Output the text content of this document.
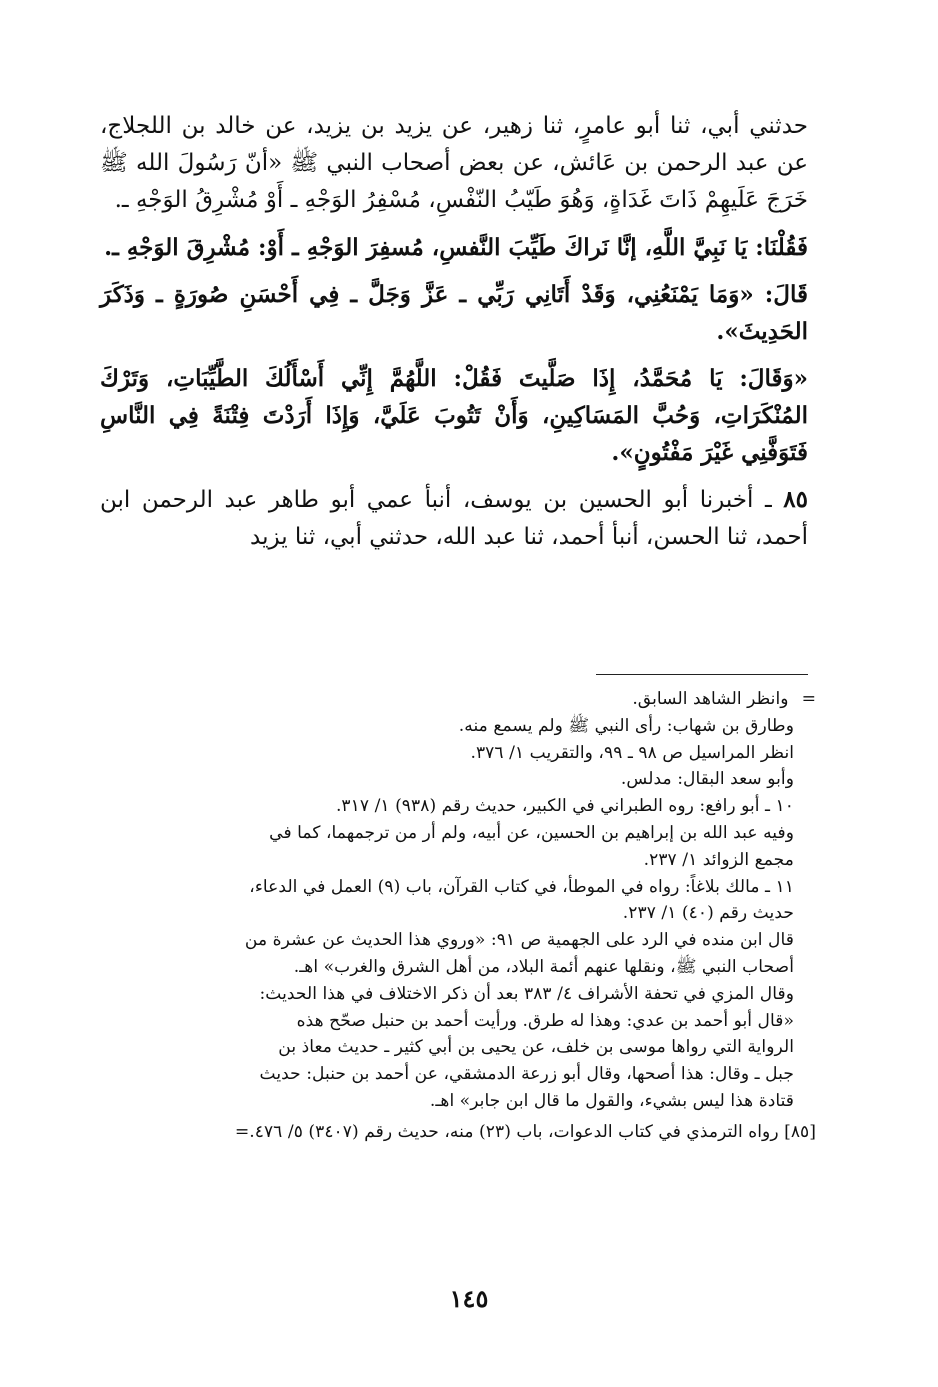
حدثني أبي، ثنا أبو عامرٍ، ثنا زهير، عن يزيد بن يزيد، عن خالد بن اللجلاج، عن عبد الرحمن بن عَائش، عن بعض أصحاب النبي ﷺ «أنّ رَسُولَ الله ﷺ خَرَجَ عَلَيهِمْ ذَاتَ غَدَاةٍ، وَهُوَ طَيّبُ النّفْسِ، مُسْفِرُ الوَجْهِ ـ أَوْ مُشْرِقُ الوَجْهِ ـ.

فَقُلْنَا: يَا نَبِيَّ اللَّهِ، إنَّا نَراكَ طَيِّبَ النَّفسِ، مُسفِرَ الوَجْهِ ـ أَوْ: مُشْرِقَ الوَجْهِ ـ.

قَالَ: «وَمَا يَمْنَعُنِي، وَقَدْ أَتَانِي رَبِّي ـ عَزَّ وَجَلَّ ـ فِي أَحْسَنِ صُورَةٍ ـ وَذَكَرَ الحَدِيثَ».

«وَقَالَ: يَا مُحَمَّدُ، إِذَا صَلَّيتَ فَقُلْ: اللَّهُمَّ إِنِّي أَسْأَلُكَ الطَّيِّبَاتِ، وَتَرْكَ المُنْكَرَاتِ، وَحُبَّ المَسَاكِينِ، وَأَنْ تَتُوبَ عَلَيَّ، وَإِذَا أَرَدْتَ فِتْنَةً فِي النَّاسِ فَتَوَفَّنِي غَيْرَ مَفْتُونٍ».

٨٥ ـ أخبرنا أبو الحسين بن يوسف، أنبأ عمي أبو طاهر عبد الرحمن ابن أحمد، ثنا الحسن، أنبأ أحمد، ثنا عبد الله، حدثني أبي، ثنا يزيد

= وانظر الشاهد السابق.

وطارق بن شهاب: رأى النبي ﷺ ولم يسمع منه.

انظر المراسيل ص ٩٨ ـ ٩٩، والتقريب ١/ ٣٧٦.

وأبو سعد البقال: مدلس.

١٠ ـ أبو رافع: روه الطبراني في الكبير، حديث رقم (٩٣٨) ١/ ٣١٧.

وفيه عبد الله بن إبراهيم بن الحسين، عن أبيه، ولم أر من ترجمهما، كما في

مجمع الزوائد ١/ ٢٣٧.

١١ ـ مالك بلاغاً: رواه في الموطأ، في كتاب القرآن، باب (٩) العمل في الدعاء،

حديث رقم (٤٠) ١/ ٢٣٧.

قال ابن منده في الرد على الجهمية ص ٩١: «وروي هذا الحديث عن عشرة من

أصحاب النبي ﷺ، ونقلها عنهم أئمة البلاد، من أهل الشرق والغرب» اهـ.

وقال المزي في تحفة الأشراف ٤/ ٣٨٣ بعد أن ذكر الاختلاف في هذا الحديث:

«قال أبو أحمد بن عدي: وهذا له طرق. ورأيت أحمد بن حنبل صحّح هذه

الرواية التي رواها موسى بن خلف، عن يحيى بن أبي كثير ـ حديث معاذ بن

جبل ـ وقال: هذا أصحها، وقال أبو زرعة الدمشقي، عن أحمد بن حنبل: حديث

قتادة هذا ليس بشيء، والقول ما قال ابن جابر» اهـ.

[٨٥] رواه الترمذي في كتاب الدعوات، باب (٢٣) منه، حديث رقم (٣٤٠٧) ٥/ ٤٧٦.=

١٤٥
